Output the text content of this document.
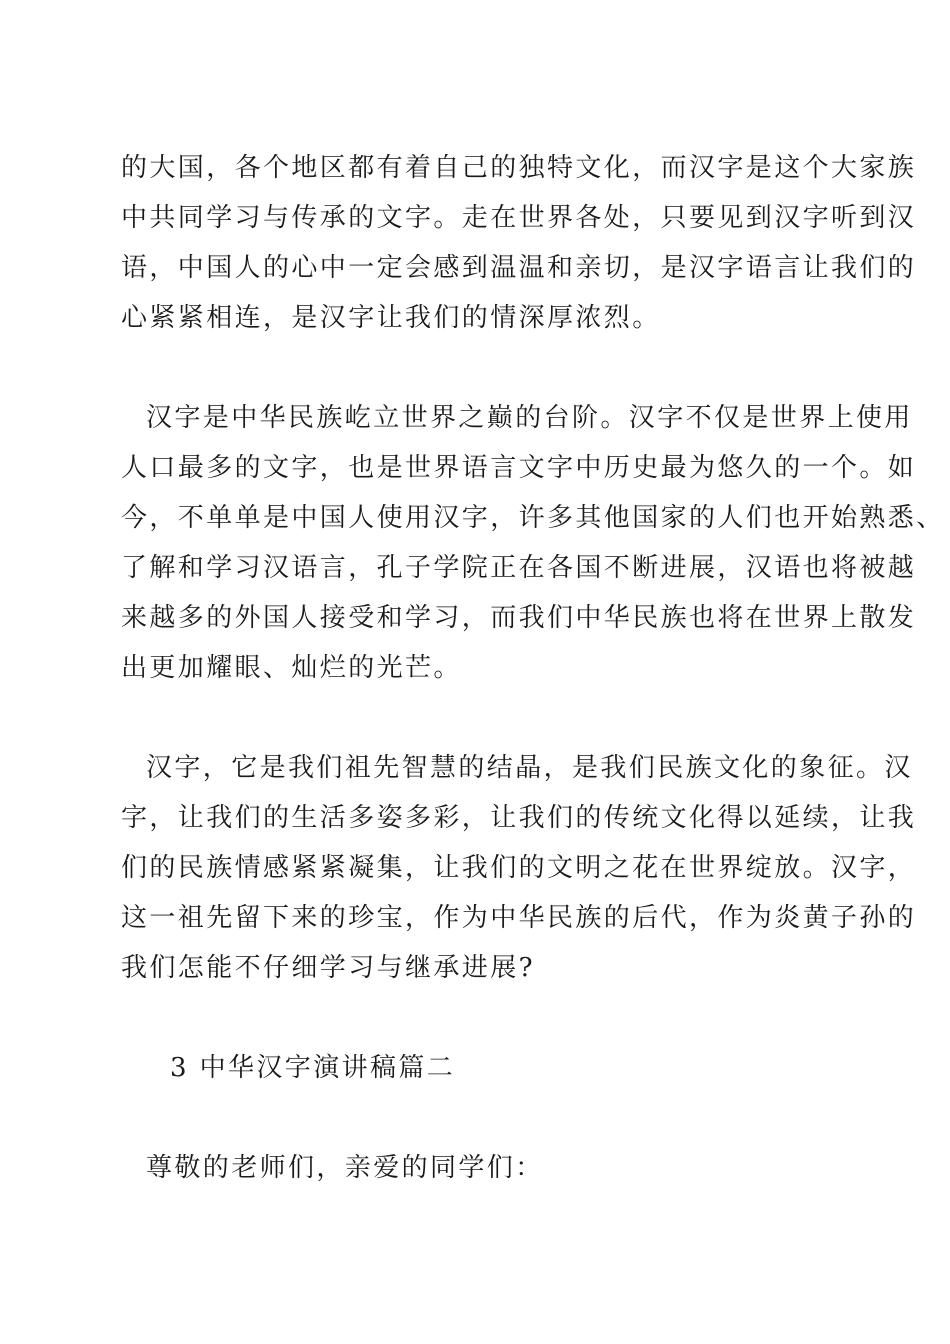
的大国，各个地区都有着自己的独特文化，而汉字是这个大家族
中共同学习与传承的文字。走在世界各处，只要见到汉字听到汉
语，中国人的心中一定会感到温温和亲切，是汉字语言让我们的
心紧紧相连，是汉字让我们的情深厚浓烈。
汉字是中华民族屹立世界之巅的台阶。汉字不仅是世界上使用
人口最多的文字，也是世界语言文字中历史最为悠久的一个。如
今，不单单是中国人使用汉字，许多其他国家的人们也开始熟悉、
了解和学习汉语言，孔子学院正在各国不断进展，汉语也将被越
来越多的外国人接受和学习，而我们中华民族也将在世界上散发
出更加耀眼、灿烂的光芒。
汉字，它是我们祖先智慧的结晶，是我们民族文化的象征。汉
字，让我们的生活多姿多彩，让我们的传统文化得以延续，让我
们的民族情感紧紧凝集，让我们的文明之花在世界绽放。汉字，
这一祖先留下来的珍宝，作为中华民族的后代，作为炎黄子孙的
我们怎能不仔细学习与继承进展?
3 中华汉字演讲稿篇二
尊敬的老师们，亲爱的同学们：
